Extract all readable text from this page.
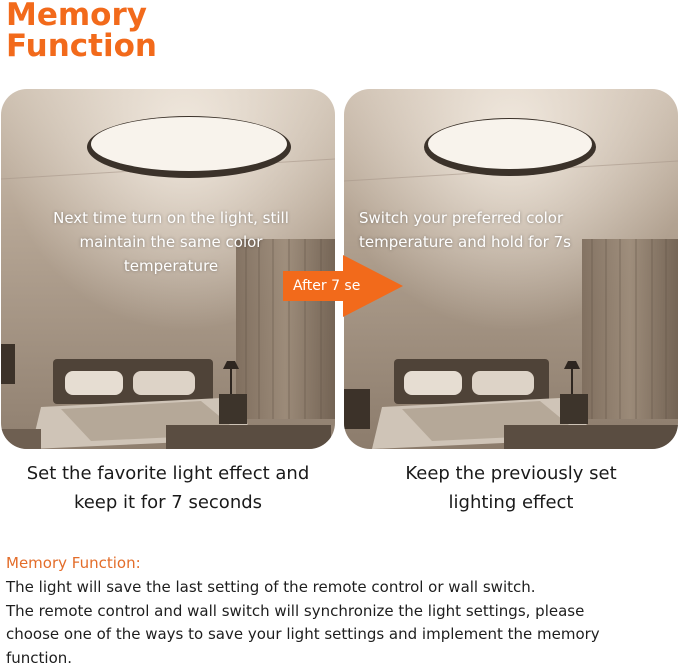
Memory
Function
Next time turn on the light, still
maintain the same color
temperature
Switch your preferred color
temperature and hold for 7s
After 7 se
Set the favorite light effect and
keep it for 7 seconds
Keep the previously set
lighting effect
Memory Function:

The light will save the last setting of the remote control or wall switch.

The remote control and wall switch will synchronize the light settings, please

choose one of the ways to save your light settings and implement the memory

function.
